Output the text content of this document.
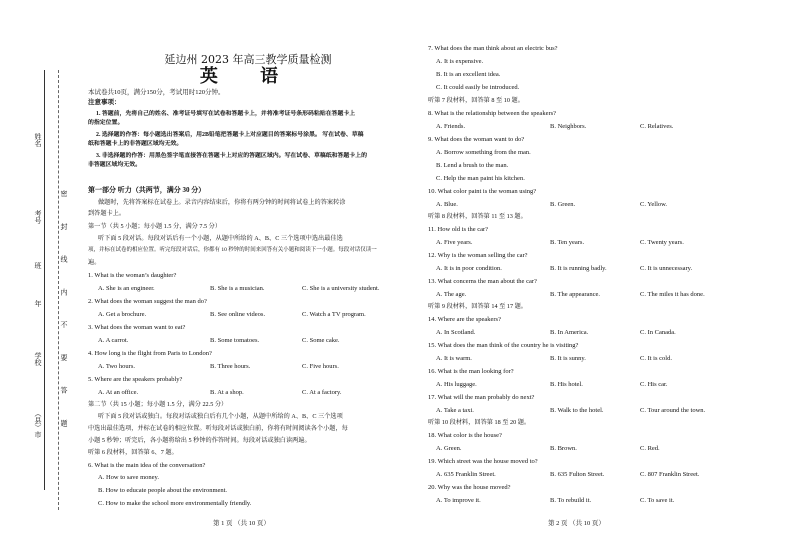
姓名
考号
班
年
学校
（县）市	密 封 线 内 不 要 答 题
延边州 2023 年高三教学质量检测
英 语
本试卷共10页，满分150分，考试用时120分钟。
注意事项：
1. 答题前，先将自己的姓名、准考证号填写在试卷和答题卡上，并将准考证号条形码粘贴在答题卡上
的指定位置。
2. 选择题的作答：每小题选出答案后，用2B铅笔把答题卡上对应题目的答案标号涂黑。 写在试卷、草稿
纸和答题卡上的非答题区域均无效。
3. 非选择题的作答：用黑色签字笔直接答在答题卡上对应的答题区域内。写在试卷、草稿纸和答题卡上的
非答题区域均无效。
第一部分 听力（共两节，满分 30 分）
做题时，先将答案标在试卷上。录音内容结束后，你将有两分钟的时间将试卷上的答案转涂
到答题卡上。
第一节（共 5 小题；每小题 1.5 分，满分 7.5 分）
听下面 5 段对话。每段对话后有一个小题，从题中所给的 A、B、C 三个选项中选出最佳选
项，并标在试卷的相应位置。听完每段对话后，你都有 10 秒钟的时间来回答有关小题和阅读下一小题。每段对话仅读一
遍。
1. What is the woman’s daughter?
A. She is an engineer.	B. She is a musician.	C. She is a university student.
2. What does the woman suggest the man do?
A. Get a brochure.	B. See online videos.	C. Watch a TV program.
3. What does the woman want to eat?
A. A carrot.	B. Some tomatoes.	C. Some cake.
4. How long is the flight from Paris to London?
A. Two hours.	B. Three hours.	C. Five hours.
5. Where are the speakers probably?
A. At an office.	B. At a shop.	C. At a factory.
第二节（共 15 小题；每小题 1.5 分，满分 22.5 分）
听下面 5 段对话或独白。每段对话或独白后有几个小题，从题中所给的 A、B、C 三个选项
中选出最佳选项，并标在试卷的相应位置。听每段对话或独白前，你将有时间阅读各个小题，每
小题 5 秒钟；听完后，各小题将给出 5 秒钟的作答时间。每段对话或独白读两遍。
听第 6 段材料，回答第 6、7 题。
6. What is the main idea of the conversation?
A. How to save money.
B. How to educate people about the environment.
C. How to make the school more environmentally friendly.
第 1 页 （共 10 页）
7. What does the man think about an electric bus?
A. It is expensive.
B. It is an excellent idea.
C. It could easily be introduced.
听第 7 段材料，回答第 8 至 10 题。
8. What is the relationship between the speakers?
A. Friends.	B. Neighbors.	C. Relatives.
9. What does the woman want to do?
A. Borrow something from the man.
B. Lend a brush to the man.
C. Help the man paint his kitchen.
10. What color paint is the woman using?
A. Blue.	B. Green.	C. Yellow.
听第 8 段材料，回答第 11 至 13 题。
11. How old is the car?
A. Five years.	B. Ten years.	C. Twenty years.
12. Why is the woman selling the car?
A. It is in poor condition.	B. It is running badly.	C. It is unnecessary.
13. What concerns the man about the car?
A. The age.	B. The appearance.	C. The miles it has done.
听第 9 段材料，回答第 14 至 17 题。
14. Where are the speakers?
A. In Scotland.	B. In America.	C. In Canada.
15. What does the man think of the country he is visiting?
A. It is warm.	B. It is sunny.	C. It is cold.
16. What is the man looking for?
A. His luggage.	B. His hotel.	C. His car.
17. What will the man probably do next?
A. Take a taxi.	B. Walk to the hotel.	C. Tour around the town.
听第 10 段材料，回答第 18 至 20 题。
18. What color is the house?
A. Green.	B. Brown.	C. Red.
19. Which street was the house moved to?
A. 635 Franklin Street.	B. 635 Fulton Street.	C. 807 Franklin Street.
20. Why was the house moved?
A. To improve it.	B. To rebuild it.	C. To save it.
第 2 页 （共 10 页）
